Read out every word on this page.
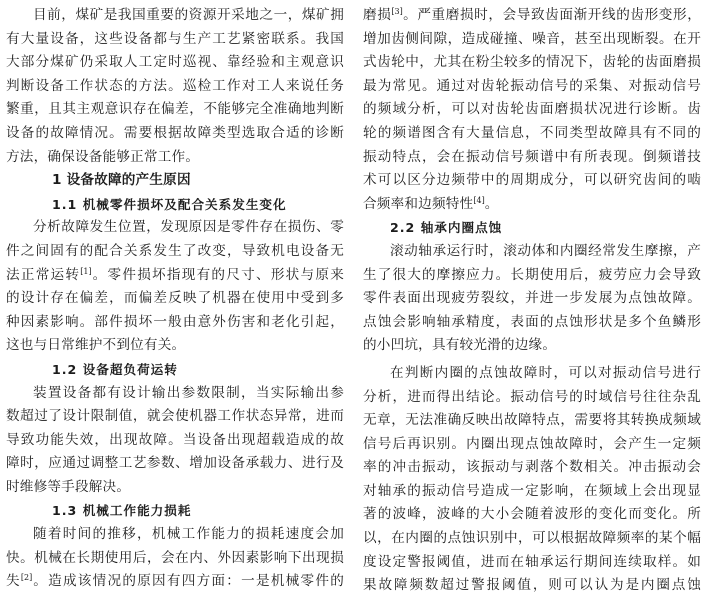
目前，煤矿是我国重要的资源开采地之一，煤矿拥
有大量设备，这些设备都与生产工艺紧密联系。我国
大部分煤矿仍采取人工定时巡视、靠经验和主观意识
判断设备工作状态的方法。巡检工作对工人来说任务
繁重，且其主观意识存在偏差，不能够完全准确地判断
设备的故障情况。需要根据故障类型选取合适的诊断
方法，确保设备能够正常工作。
1 设备故障的产生原因
1.1 机械零件损坏及配合关系发生变化
分析故障发生位置，发现原因是零件存在损伤、零
件之间固有的配合关系发生了改变，导致机电设备无
法正常运转[1]。零件损坏指现有的尺寸、形状与原来
的设计存在偏差，而偏差反映了机器在使用中受到多
种因素影响。部件损坏一般由意外伤害和老化引起，
这也与日常维护不到位有关。
1.2 设备超负荷运转
装置设备都有设计输出参数限制，当实际输出参
数超过了设计限制值，就会使机器工作状态异常，进而
导致功能失效，出现故障。当设备出现超载造成的故
障时，应通过调整工艺参数、增加设备承载力、进行及
时维修等手段解决。
1.3 机械工作能力损耗
随着时间的推移，机械工作能力的损耗速度会加
快。机械在长期使用后，会在内、外因素影响下出现损
失[2]。造成该情况的原因有四方面：一是机械零件的
磨损[3]。严重磨损时，会导致齿面渐开线的齿形变形，
增加齿侧间隙，造成碰撞、噪音，甚至出现断裂。在开
式齿轮中，尤其在粉尘较多的情况下，齿轮的齿面磨损
最为常见。通过对齿轮振动信号的采集、对振动信号
的频域分析，可以对齿轮齿面磨损状况进行诊断。齿
轮的频谱图含有大量信息，不同类型故障具有不同的
振动特点，会在振动信号频谱中有所表现。倒频谱技
术可以区分边频带中的周期成分，可以研究齿间的啮
合频率和边频特性[4]。
2.2 轴承内圈点蚀
滚动轴承运行时，滚动体和内圈经常发生摩擦，产
生了很大的摩擦应力。长期使用后，疲劳应力会导致
零件表面出现疲劳裂纹，并进一步发展为点蚀故障。
点蚀会影响轴承精度，表面的点蚀形状是多个鱼鳞形
的小凹坑，具有较光滑的边缘。
在判断内圈的点蚀故障时，可以对振动信号进行
分析，进而得出结论。振动信号的时域信号往往杂乱
无章，无法准确反映出故障特点，需要将其转换成频域
信号后再识别。内圈出现点蚀故障时，会产生一定频
率的冲击振动，该振动与剥落个数相关。冲击振动会
对轴承的振动信号造成一定影响，在频域上会出现显
著的波峰，波峰的大小会随着波形的变化而变化。所
以，在内圈的点蚀识别中，可以根据故障频率的某个幅
度设定警报阈值，进而在轴承运行期间连续取样。如
果故障频数超过警报阈值，则可以认为是内圈点蚀
